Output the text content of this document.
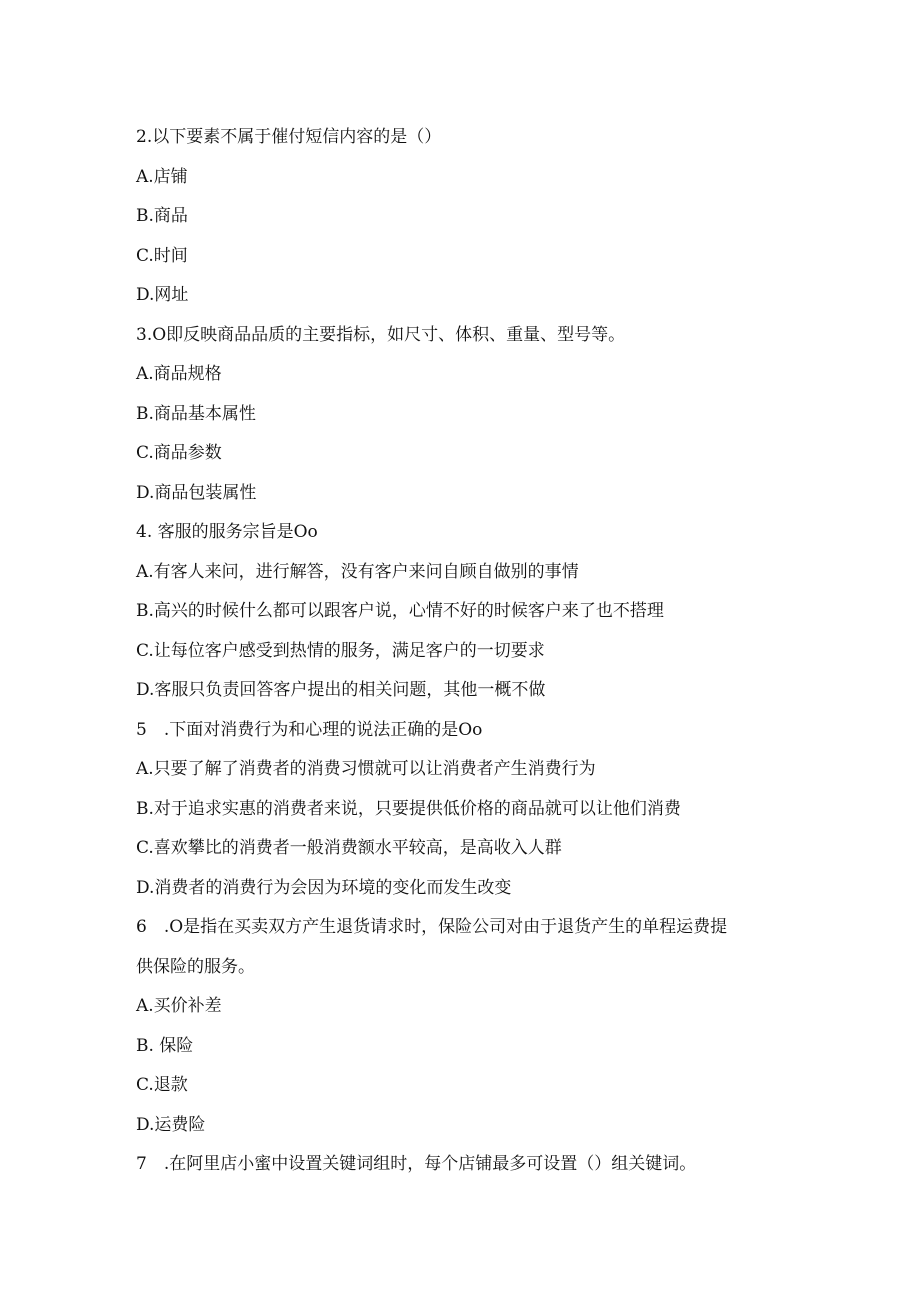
2.以下要素不属于催付短信内容的是（）
A.店铺
B.商品
C.时间
D.网址
3.O即反映商品品质的主要指标，如尺寸、体积、重量、型号等。
A.商品规格
B.商品基本属性
C.商品参数
D.商品包装属性
4. 客服的服务宗旨是Oo
A.有客人来问，进行解答，没有客户来问自顾自做别的事情
B.高兴的时候什么都可以跟客户说，心情不好的时候客户来了也不搭理
C.让每位客户感受到热情的服务，满足客户的一切要求
D.客服只负责回答客户提出的相关问题，其他一概不做
5　.下面对消费行为和心理的说法正确的是Oo
A.只要了解了消费者的消费习惯就可以让消费者产生消费行为
B.对于追求实惠的消费者来说，只要提供低价格的商品就可以让他们消费
C.喜欢攀比的消费者一般消费额水平较高，是高收入人群
D.消费者的消费行为会因为环境的变化而发生改变
6　.O是指在买卖双方产生退货请求时，保险公司对由于退货产生的单程运费提
供保险的服务。
A.买价补差
B. 保险
C.退款
D.运费险
7　.在阿里店小蜜中设置关键词组时，每个店铺最多可设置（）组关键词。
